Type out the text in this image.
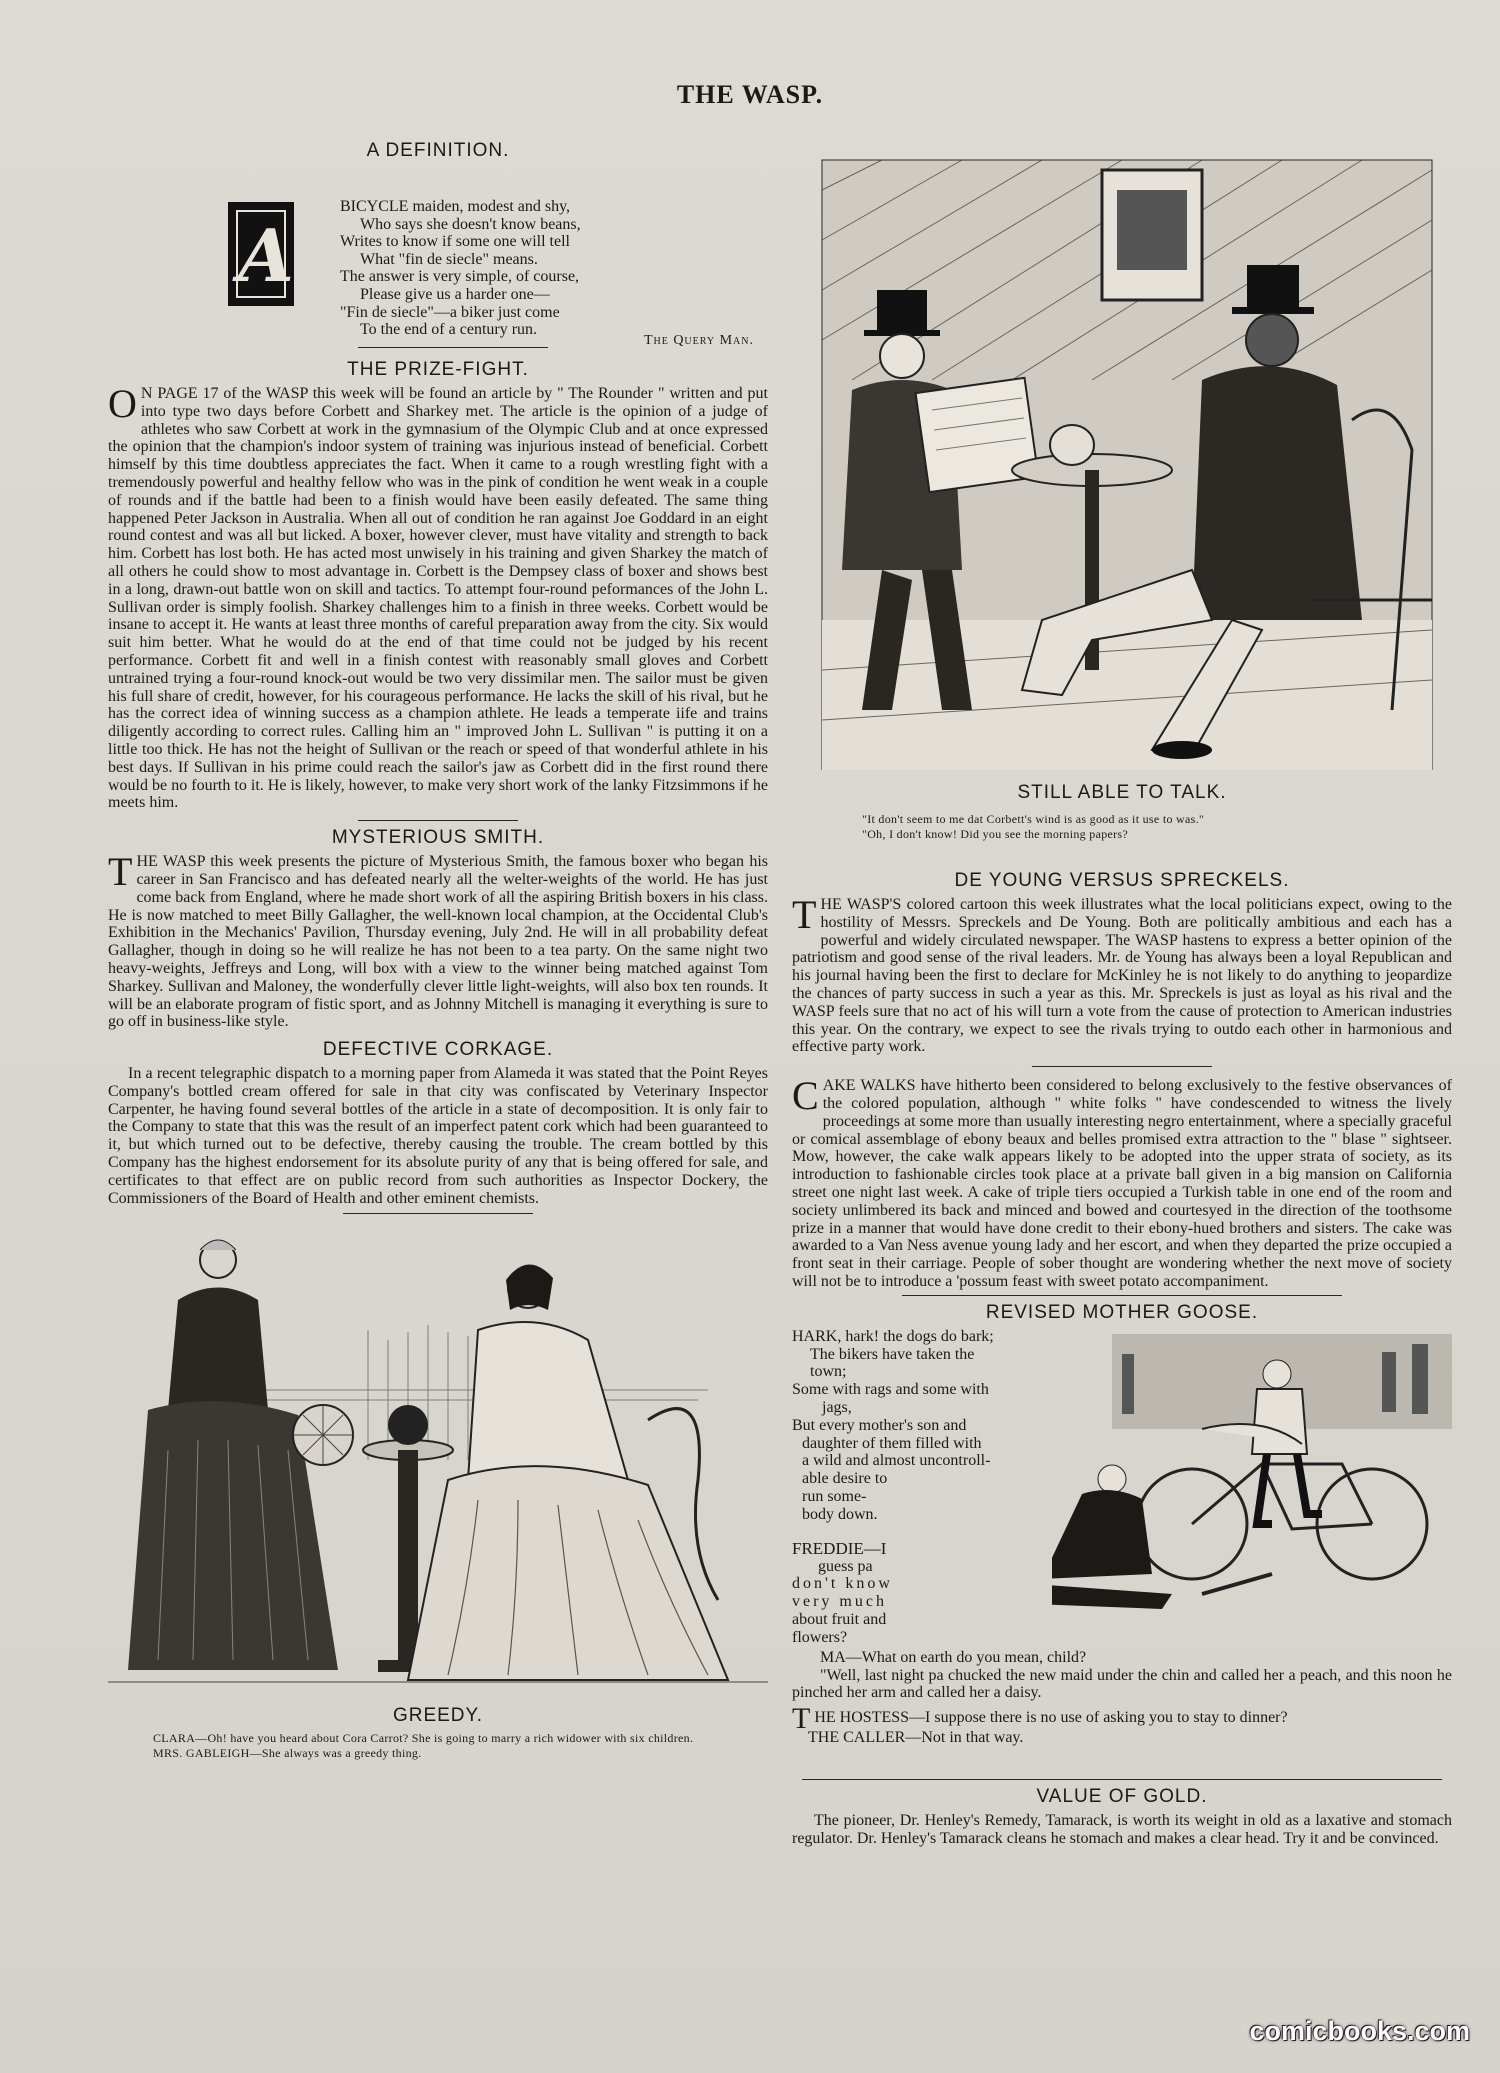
THE WASP.
A DEFINITION.
A
BICYCLE maiden, modest and shy,
Who says she doesn't know beans,
Writes to know if some one will tell
What "fin de siecle" means.
The answer is very simple, of course,
Please give us a harder one—
"Fin de siecle"—a biker just come
To the end of a century run.
The Query Man.
THE PRIZE-FIGHT.
O N PAGE 17 of the WASP this week will be found an article by " The Rounder " written and put into type two days before Corbett and Sharkey met. The article is the opinion of a judge of athletes who saw Corbett at work in the gymnasium of the Olympic Club and at once expressed the opinion that the champion's indoor system of training was injurious instead of beneficial. Corbett himself by this time doubtless appreciates the fact. When it came to a rough wrestling fight with a tremendously powerful and healthy fellow who was in the pink of condition he went weak in a couple of rounds and if the battle had been to a finish would have been easily defeated. The same thing happened Peter Jackson in Australia. When all out of condition he ran against Joe Goddard in an eight round contest and was all but licked. A boxer, however clever, must have vitality and strength to back him. Corbett has lost both. He has acted most unwisely in his training and given Sharkey the match of all others he could show to most advantage in. Corbett is the Dempsey class of boxer and shows best in a long, drawn-out battle won on skill and tactics. To attempt four-round peformances of the John L. Sullivan order is simply foolish. Sharkey challenges him to a finish in three weeks. Corbett would be insane to accept it. He wants at least three months of careful preparation away from the city. Six would suit him better. What he would do at the end of that time could not be judged by his recent performance. Corbett fit and well in a finish contest with reasonably small gloves and Corbett untrained trying a four-round knock-out would be two very dissimilar men. The sailor must be given his full share of credit, however, for his courageous performance. He lacks the skill of his rival, but he has the correct idea of winning success as a champion athlete. He leads a temperate iife and trains diligently according to correct rules. Calling him an " improved John L. Sullivan " is putting it on a little too thick. He has not the height of Sullivan or the reach or speed of that wonderful athlete in his best days. If Sullivan in his prime could reach the sailor's jaw as Corbett did in the first round there would be no fourth to it. He is likely, however, to make very short work of the lanky Fitzsimmons if he meets him.
MYSTERIOUS SMITH.
THE WASP this week presents the picture of Mysterious Smith, the famous boxer who began his career in San Francisco and has defeated nearly all the welter-weights of the world. He has just come back from England, where he made short work of all the aspiring British boxers in his class. He is now matched to meet Billy Gallagher, the well-known local champion, at the Occidental Club's Exhibition in the Mechanics' Pavilion, Thursday evening, July 2nd. He will in all probability defeat Gallagher, though in doing so he will realize he has not been to a tea party. On the same night two heavy-weights, Jeffreys and Long, will box with a view to the winner being matched against Tom Sharkey. Sullivan and Maloney, the wonderfully clever little light-weights, will also box ten rounds. It will be an elaborate program of fistic sport, and as Johnny Mitchell is managing it everything is sure to go off in business-like style.
DEFECTIVE CORKAGE.
In a recent telegraphic dispatch to a morning paper from Alameda it was stated that the Point Reyes Company's bottled cream offered for sale in that city was confiscated by Veterinary Inspector Carpenter, he having found several bottles of the article in a state of decomposition. It is only fair to the Company to state that this was the result of an imperfect patent cork which had been guaranteed to it, but which turned out to be defective, thereby causing the trouble. The cream bottled by this Company has the highest endorsement for its absolute purity of any that is being offered for sale, and certificates to that effect are on public record from such authorities as Inspector Dockery, the Commissioners of the Board of Health and other eminent chemists.
GREEDY.
CLARA—Oh! have you heard about Cora Carrot? She is going to marry a rich widower with six children.
MRS. GABLEIGH—She always was a greedy thing.
STILL ABLE TO TALK.
"It don't seem to me dat Corbett's wind is as good as it use to was."
"Oh, I don't know! Did you see the morning papers?
DE YOUNG VERSUS SPRECKELS.
THE WASP'S colored cartoon this week illustrates what the local politicians expect, owing to the hostility of Messrs. Spreckels and De Young. Both are politically ambitious and each has a powerful and widely circulated newspaper. The WASP hastens to express a better opinion of the patriotism and good sense of the rival leaders. Mr. de Young has always been a loyal Republican and his journal having been the first to declare for McKinley he is not likely to do anything to jeopardize the chances of party success in such a year as this. Mr. Spreckels is just as loyal as his rival and the WASP feels sure that no act of his will turn a vote from the cause of protection to American industries this year. On the contrary, we expect to see the rivals trying to outdo each other in harmonious and effective party work.
CAKE WALKS have hitherto been considered to belong exclusively to the festive observances of the colored population, although " white folks " have condescended to witness the lively proceedings at some more than usually interesting negro entertainment, where a specially graceful or comical assemblage of ebony beaux and belles promised extra attraction to the " blase " sightseer. Mow, however, the cake walk appears likely to be adopted into the upper strata of society, as its introduction to fashionable circles took place at a private ball given in a big mansion on California street one night last week. A cake of triple tiers occupied a Turkish table in one end of the room and society unlimbered its back and minced and bowed and courtesyed in the direction of the toothsome prize in a manner that would have done credit to their ebony-hued brothers and sisters. The cake was awarded to a Van Ness avenue young lady and her escort, and when they departed the prize occupied a front seat in their carriage. People of sober thought are wondering whether the next move of society will not be to introduce a 'possum feast with sweet potato accompaniment.
REVISED MOTHER GOOSE.
HARK, hark! the dogs do bark;
The bikers have taken the
town;
Some with rags and some with
jags,
But every mother's son and
daughter of them filled with
a wild and almost uncontroll-
able desire to
run some-
body down.
FREDDIE—I
guess pa
don't know
very much
about fruit and
flowers?
MA—What on earth do you mean, child?
"Well, last night pa chucked the new maid under the chin and called her a peach, and this noon he pinched her arm and called her a daisy.
THE HOSTESS—I suppose there is no use of asking you to stay to dinner?
THE CALLER—Not in that way.
VALUE OF GOLD.
The pioneer, Dr. Henley's Remedy, Tamarack, is worth its weight in old as a laxative and stomach regulator. Dr. Henley's Tamarack cleans he stomach and makes a clear head. Try it and be convinced.
comicbooks.com
